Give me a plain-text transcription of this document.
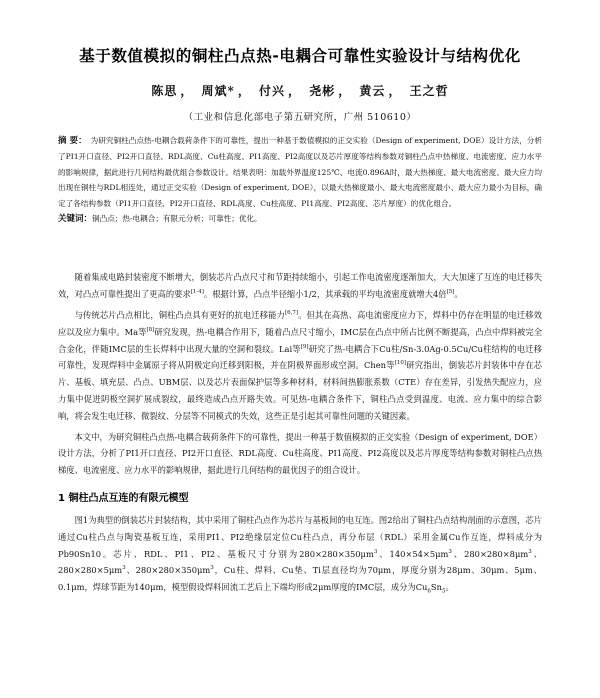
基于数值模拟的铜柱凸点热-电耦合可靠性实验设计与结构优化
陈思 ， 周斌* ， 付兴 ， 尧彬 ， 黄云 ， 王之哲
（工业和信息化部电子第五研究所，广州 510610）
摘 要： 为研究铜柱凸点热-电耦合载荷条件下的可靠性，提出一种基于数值模拟的正交实验（Design of experiment, DOE）设计方法，分析了PI1开口直径、PI2开口直径、RDL高度、Cu柱高度、PI1高度、PI2高度以及芯片厚度等结构参数对铜柱凸点中热梯度、电流密度、应力水平的影响规律，据此进行几何结构最优组合参数设计。结果表明：加载外界温度125℃、电流0.896A时，最大热梯度、最大电流密度、最大应力均出现在铜柱与RDL相连处，通过正交实验（Design of experiment, DOE），以最大热梯度最小、最大电流密度最小、最大应力最小为目标，确定了各结构参数（PI1开口直径、PI2开口直径、RDL高度、Cu柱高度、PI1高度、PI2高度、芯片厚度）的优化组合。
关键词：铜凸点；热-电耦合；有限元分析；可靠性；优化。

随着集成电路封装密度不断增大，倒装芯片凸点尺寸和节距持续缩小，引起工作电流密度逐渐加大，大大加速了互连的电迁移失效，对凸点可靠性提出了更高的要求[1-4]。根据计算，凸点半径缩小1/2，其承载的平均电流密度就增大4倍[5]。

与传统芯片凸点相比，铜柱凸点具有更好的抗电迁移能力[6,7]。但其在高热、高电流密度应力下，焊料中仍存在明显的电迁移效应以及应力集中。Ma等[8]研究发现，热-电耦合作用下，随着凸点尺寸缩小，IMC层在凸点中所占比例不断提高，凸点中焊料被完全合金化，伴随IMC层的生长焊料中出现大量的空洞和裂纹。Lai等[9]研究了热-电耦合下Cu柱/Sn-3.0Ag-0.5Cu/Cu柱结构的电迁移可靠性，发现焊料中金属原子将从阴极定向迁移到阳极，并在阴极界面形成空洞。Chen等[10]研究指出，倒装芯片封装体中存在芯片、基板、填充层、凸点、UBM层、以及芯片表面保护层等多种材料，材料间热膨胀系数（CTE）存在差异，引发热失配应力，应力集中促进阴极空洞扩展成裂纹，最终造成凸点开路失效。可见热-电耦合条件下，铜柱凸点受到温度、电流、应力集中的综合影响，将会发生电迁移、微裂纹、分层等不同模式的失效，这些正是引起其可靠性问题的关键因素。

本文中，为研究铜柱凸点热-电耦合载荷条件下的可靠性，提出一种基于数值模拟的正交实验（Design of experiment, DOE）设计方法，分析了PI1开口直径、PI2开口直径、RDL高度、Cu柱高度、PI1高度、PI2高度以及芯片厚度等结构参数对铜柱凸点热梯度、电流密度、应力水平的影响规律，据此进行几何结构的最优因子的组合设计。

1 铜柱凸点互连的有限元模型

图1为典型的倒装芯片封装结构，其中采用了铜柱凸点作为芯片与基板间的电互连。图2给出了铜柱凸点结构剖面的示意图，芯片通过Cu柱凸点与陶瓷基板互连，采用PI1、PI2绝缘层定位Cu柱凸点，再分布层（RDL）采用金属Cu作互连，焊料成分为Pb90Sn10。芯片、RDL、PI1、PI2、基板尺寸分别为$280\times 280\times 350\mu m^3$、$140\times 54\times 5\mu m^3$、$280\times 280\times 8\mu m^3$、$280\times 280\times 5\mu m^3$、$280\times 280\times 350\mu m^3$，Cu柱、焊料、Cu垫、Ti层直径均为70μm，厚度分别为28μm、30μm、5μm、0.1μm，焊球节距为140μm，模型假设焊料回流工艺后上下端均形成2μm厚度的IMC层，成分为$Cu_6Sn_5$。
